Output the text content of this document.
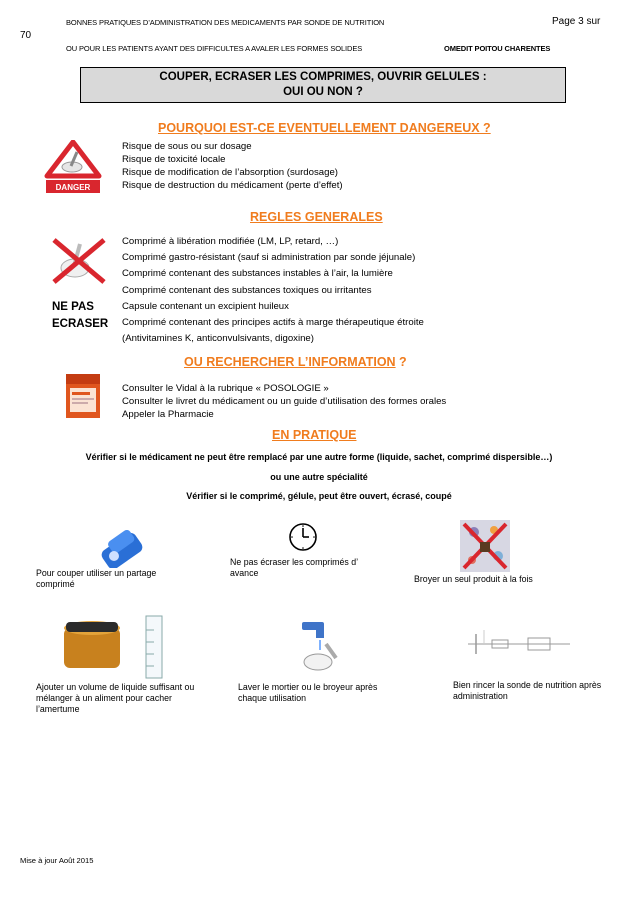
BONNES PRATIQUES D’ADMINISTRATION DES MEDICAMENTS PAR SONDE DE NUTRITION	Page 3 sur
70
OU POUR LES PATIENTS AYANT DES DIFFICULTES A AVALER LES FORMES SOLIDES	OMEDIT POITOU CHARENTES
COUPER, ECRASER LES COMPRIMES, OUVRIR GELULES :
OUI OU NON ?
POURQUOI EST-CE EVENTUELLEMENT DANGEREUX ?
DANGER
Risque de sous ou sur dosage
Risque de toxicité locale
Risque de modification de l’absorption (surdosage)
Risque de destruction du médicament (perte d’effet)
REGLES GENERALES
NE PAS
ECRASER
Comprimé à libération modifiée (LM, LP, retard, …)
Comprimé gastro-résistant (sauf si administration par sonde jéjunale)
Comprimé contenant des substances instables à l’air, la lumière
Comprimé contenant des substances toxiques ou irritantes
Capsule contenant un excipient huileux
Comprimé contenant des principes actifs à marge thérapeutique étroite
(Antivitamines K, anticonvulsivants, digoxine)
OU RECHERCHER L’INFORMATION ?
Consulter le Vidal à la rubrique « POSOLOGIE »
Consulter le livret du médicament ou un guide d’utilisation des formes orales
Appeler la Pharmacie
EN PRATIQUE
Vérifier si le médicament ne peut être remplacé par une autre forme (liquide, sachet, comprimé dispersible…)
ou une autre spécialité
Vérifier si le comprimé, gélule, peut être ouvert, écrasé, coupé
Pour couper utiliser un partage comprimé
Ne pas écraser les comprimés d’ avance
Broyer un seul produit à la fois
Ajouter un volume de liquide suffisant ou mélanger à un aliment pour cacher l’amertume
Laver le mortier ou le broyeur après chaque utilisation
Bien rincer la sonde de nutrition après administration
Mise à jour Août 2015
